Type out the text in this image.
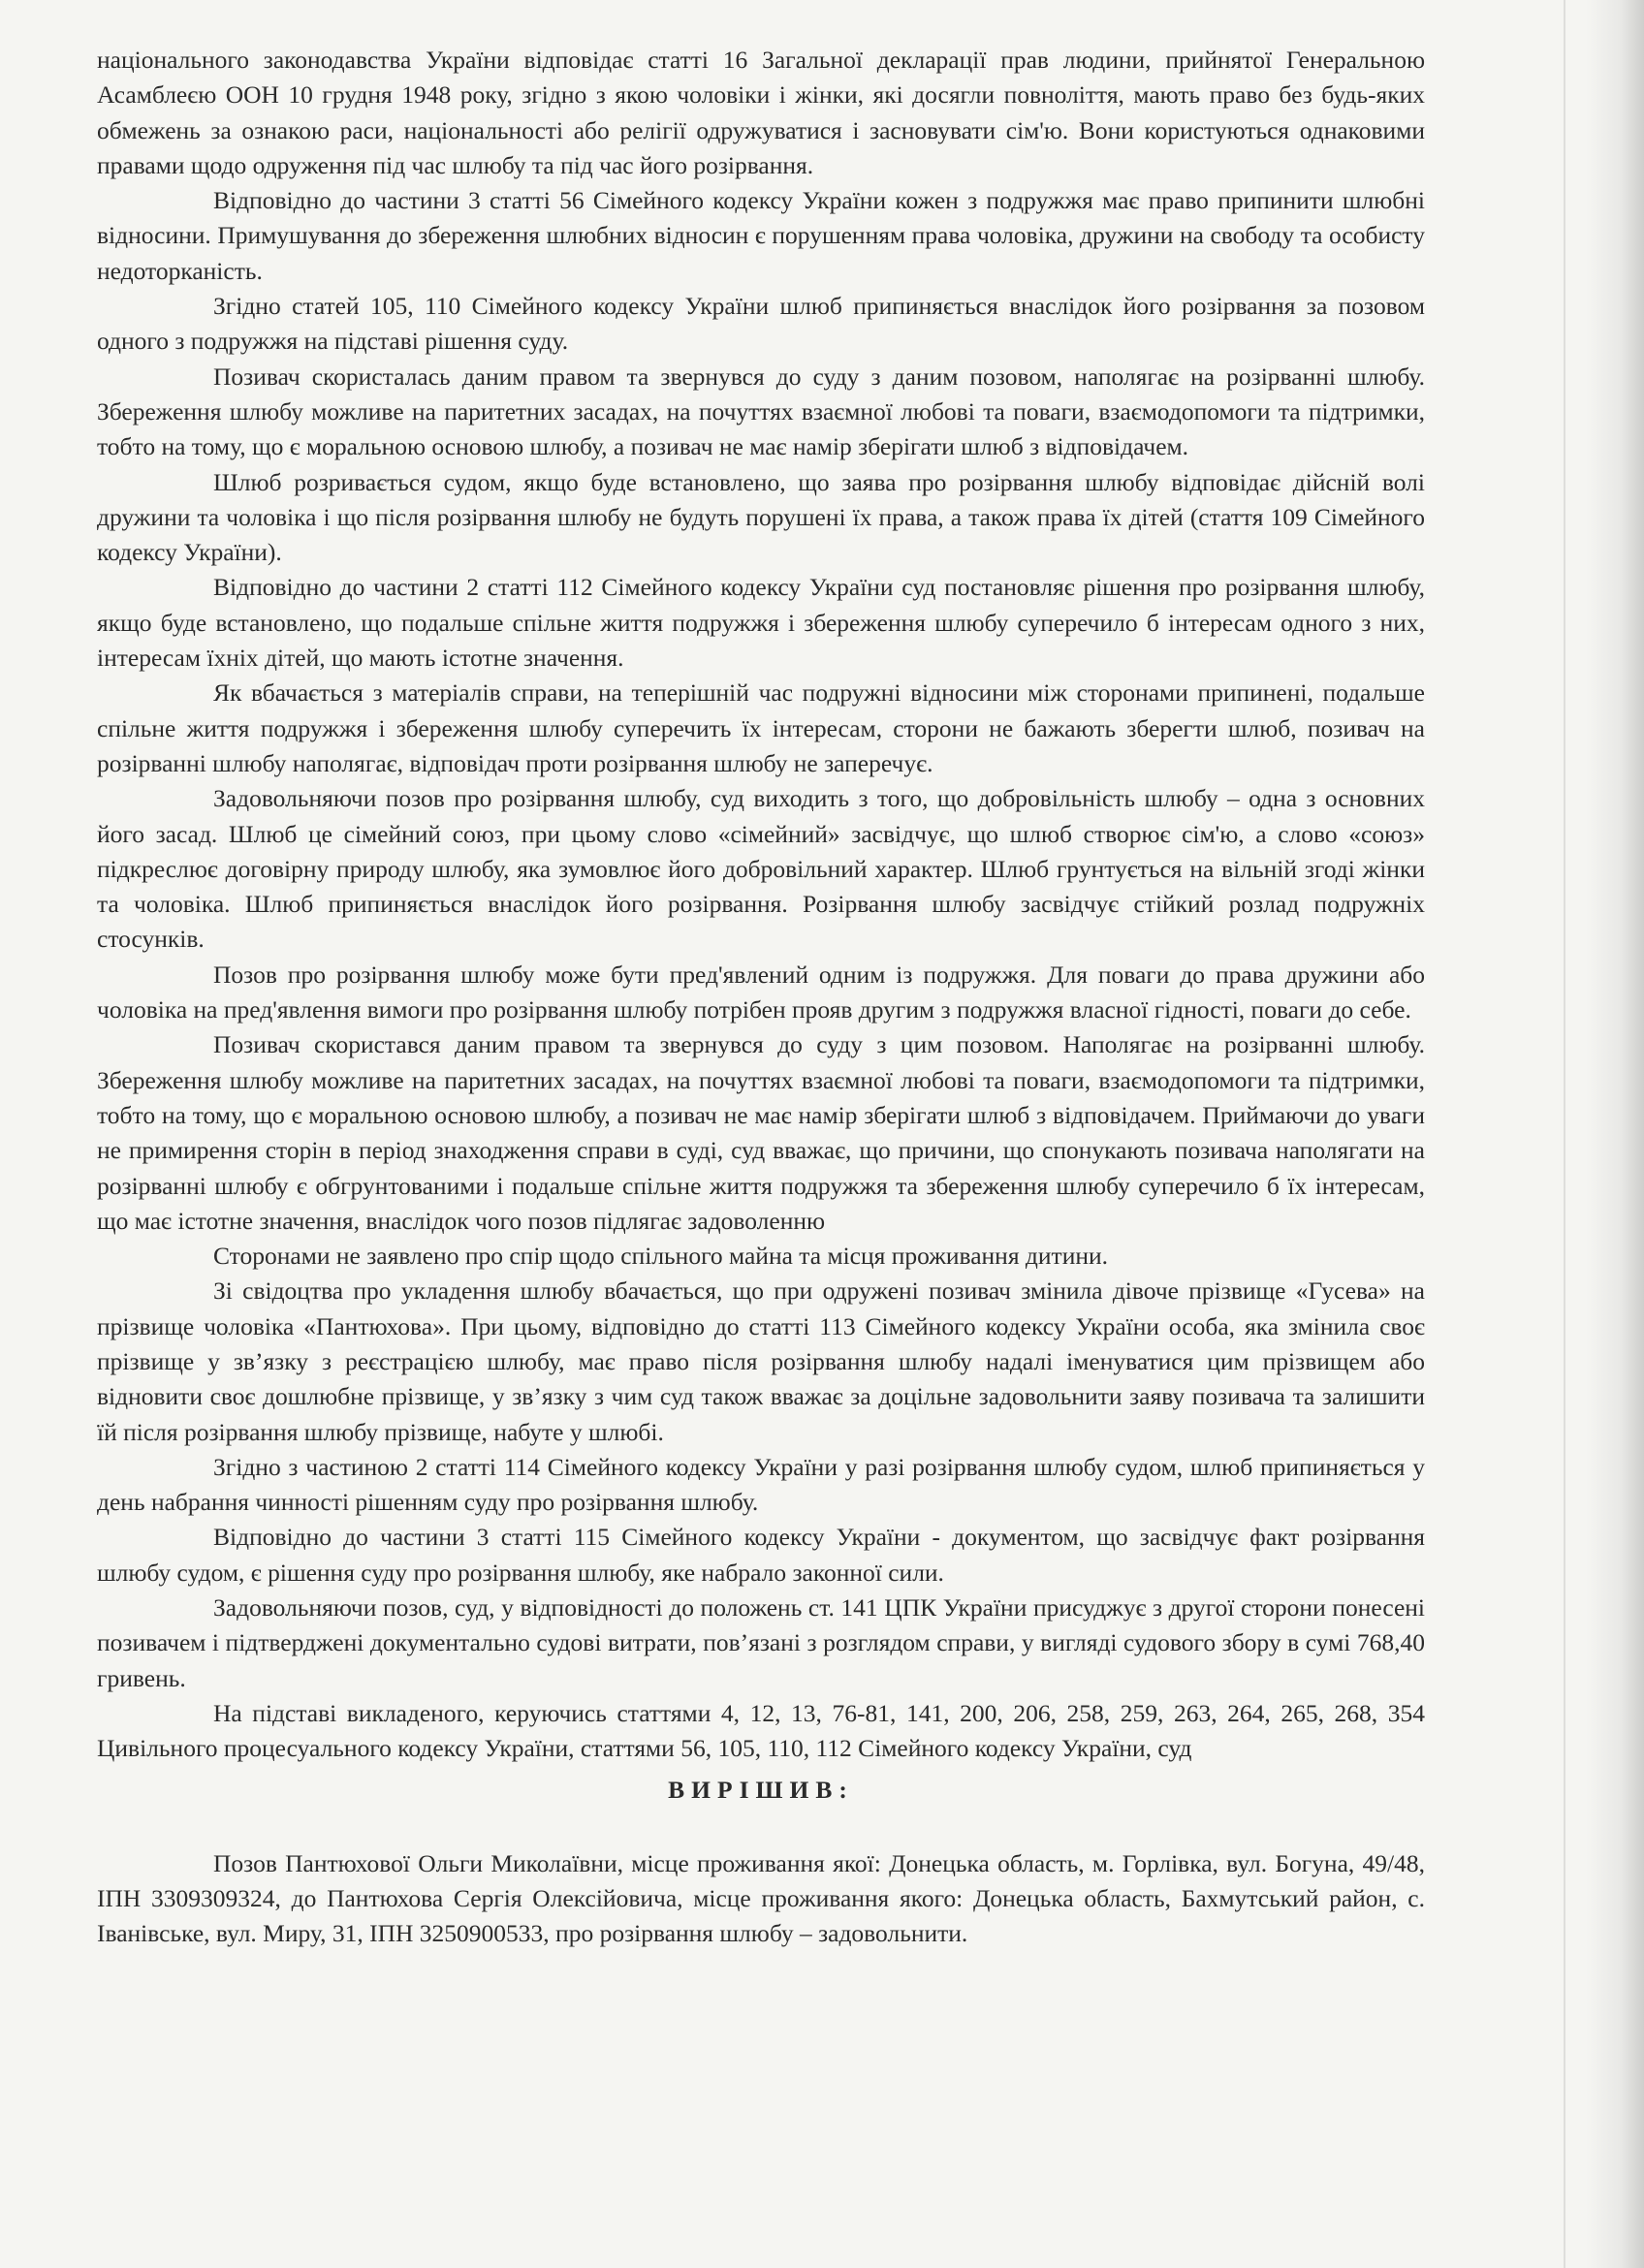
національного законодавства України відповідає статті 16 Загальної декларації прав людини, прийнятої Генеральною Асамблеєю ООН 10 грудня 1948 року, згідно з якою чоловіки і жінки, які досягли повноліття, мають право без будь-яких обмежень за ознакою раси, національності або релігії одружуватися і засновувати сім'ю. Вони користуються однаковими правами щодо одруження під час шлюбу та під час його розірвання.

Відповідно до частини 3 статті 56 Сімейного кодексу України кожен з подружжя має право припинити шлюбні відносини. Примушування до збереження шлюбних відносин є порушенням права чоловіка, дружини на свободу та особисту недоторканість.

Згідно статей 105, 110 Сімейного кодексу України шлюб припиняється внаслідок його розірвання за позовом одного з подружжя на підставі рішення суду.

Позивач скористалась даним правом та звернувся до суду з даним позовом, наполягає на розірванні шлюбу. Збереження шлюбу можливе на паритетних засадах, на почуттях взаємної любові та поваги, взаємодопомоги та підтримки, тобто на тому, що є моральною основою шлюбу, а позивач не має намір зберігати шлюб з відповідачем.

Шлюб розривається судом, якщо буде встановлено, що заява про розірвання шлюбу відповідає дійсній волі дружини та чоловіка і що після розірвання шлюбу не будуть порушені їх права, а також права їх дітей (стаття 109 Сімейного кодексу України).

Відповідно до частини 2 статті 112 Сімейного кодексу України суд постановляє рішення про розірвання шлюбу, якщо буде встановлено, що подальше спільне життя подружжя і збереження шлюбу суперечило б інтересам одного з них, інтересам їхніх дітей, що мають істотне значення.

Як вбачається з матеріалів справи, на теперішній час подружні відносини між сторонами припинені, подальше спільне життя подружжя і збереження шлюбу суперечить їх інтересам, сторони не бажають зберегти шлюб, позивач на розірванні шлюбу наполягає, відповідач проти розірвання шлюбу не заперечує.

Задовольняючи позов про розірвання шлюбу, суд виходить з того, що добровільність шлюбу – одна з основних його засад. Шлюб це сімейний союз, при цьому слово «сімейний» засвідчує, що шлюб створює сім'ю, а слово «союз» підкреслює договірну природу шлюбу, яка зумовлює його добровільний характер. Шлюб грунтується на вільній згоді жінки та чоловіка. Шлюб припиняється внаслідок його розірвання. Розірвання шлюбу засвідчує стійкий розлад подружніх стосунків.

Позов про розірвання шлюбу може бути пред'явлений одним із подружжя. Для поваги до права дружини або чоловіка на пред'явлення вимоги про розірвання шлюбу потрібен прояв другим з подружжя власної гідності, поваги до себе.

Позивач скористався даним правом та звернувся до суду з цим позовом. Наполягає на розірванні шлюбу. Збереження шлюбу можливе на паритетних засадах, на почуттях взаємної любові та поваги, взаємодопомоги та підтримки, тобто на тому, що є моральною основою шлюбу, а позивач не має намір зберігати шлюб з відповідачем. Приймаючи до уваги не примирення сторін в період знаходження справи в суді, суд вважає, що причини, що спонукають позивача наполягати на розірванні шлюбу є обгрунтованими і подальше спільне життя подружжя та збереження шлюбу суперечило б їх інтересам, що має істотне значення, внаслідок чого позов підлягає задоволенню

Сторонами не заявлено про спір щодо спільного майна та місця проживання дитини.

Зі свідоцтва про укладення шлюбу вбачається, що при одружені позивач змінила дівоче прізвище «Гусева» на прізвище чоловіка «Пантюхова». При цьому, відповідно до статті 113 Сімейного кодексу України особа, яка змінила своє прізвище у зв’язку з реєстрацією шлюбу, має право після розірвання шлюбу надалі іменуватися цим прізвищем або відновити своє дошлюбне прізвище, у зв’язку з чим суд також вважає за доцільне задовольнити заяву позивача та залишити їй після розірвання шлюбу прізвище, набуте у шлюбі.

Згідно з частиною 2 статті 114 Сімейного кодексу України у разі розірвання шлюбу судом, шлюб припиняється у день набрання чинності рішенням суду про розірвання шлюбу.

Відповідно до частини 3 статті 115 Сімейного кодексу України - документом, що засвідчує факт розірвання шлюбу судом, є рішення суду про розірвання шлюбу, яке набрало законної сили.

Задовольняючи позов, суд, у відповідності до положень ст. 141 ЦПК України присуджує з другої сторони понесені позивачем і підтверджені документально судові витрати, пов’язані з розглядом справи, у вигляді судового збору в сумі 768,40 гривень.

На підставі викладеного, керуючись статтями 4, 12, 13, 76-81, 141, 200, 206, 258, 259, 263, 264, 265, 268, 354 Цивільного процесуального кодексу України, статтями 56, 105, 110, 112 Сімейного кодексу України, суд

ВИРІШИВ:

Позов Пантюхової Ольги Миколаївни, місце проживання якої: Донецька область, м. Горлівка, вул. Богуна, 49/48, ІПН 3309309324, до Пантюхова Сергія Олексійовича, місце проживання якого: Донецька область, Бахмутський район, с. Іванівське, вул. Миру, 31, ІПН 3250900533, про розірвання шлюбу – задовольнити.
